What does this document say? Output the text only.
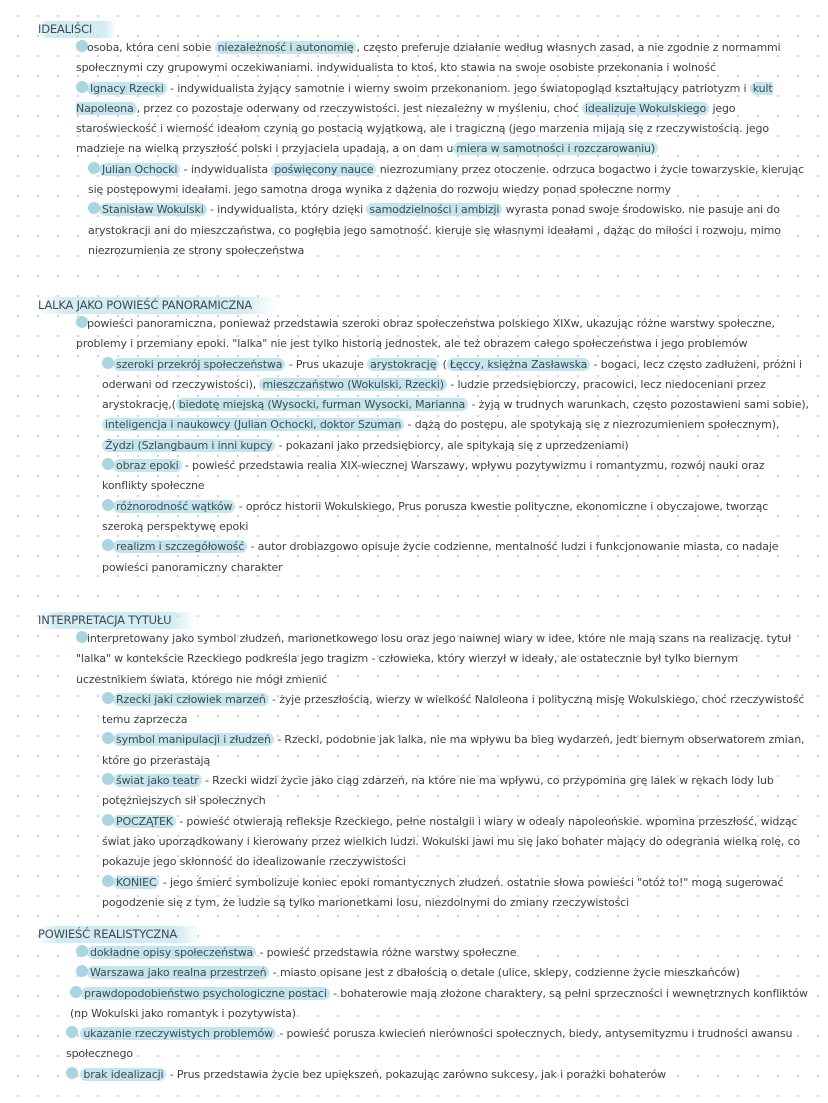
IDEALIŚCI

osoba, która ceni sobie niezależność i autonomię , często preferuje działanie według własnych zasad, a nie zgodnie z normammi społecznymi czy grupowymi oczekiwaniami. indywidualista to ktoś, kto stawia na swoje osobiste przekonania i wolność

Ignacy Rzecki - indywidualista żyjący samotnie i wierny swoim przekonaniom. jego światopogląd kształtujący patriotyzm i kult Napoleona , przez co pozostaje oderwany od rzeczywistości. jest niezależny w myśleniu, choć idealizuje Wokulskiego jego staroświeckość i wierność ideałom czynią go postacią wyjątkową, ale i tragiczną (jego marzenia mijają się z rzeczywistością. jego madzieje na wielką przyszłość polski i przyjaciela upadają, a on dam u miera w samotności i rozczarowaniu)

Julian Ochocki - indywidualista poświęcony nauce niezrozumiany przez otoczenie. odrzuca bogactwo i życie towarzyskie, kierując się postępowymi ideałami. jego samotna droga wynika z dążenia do rozwoju wiedzy ponad społeczne normy

Stanisław Wokulski - indywidualista, który dzięki samodzielności i ambizji wyrasta ponad swoje środowisko. nie pasuje ani do arystokracji ani do mieszczaństwa, co pogłębia jego samotność. kieruje się własnymi ideałami , dążąc do miłości i rozwoju, mimo niezrozumienia ze strony społeczeństwa

LALKA JAKO POWIEŚĆ PANORAMICZNA

powieści panoramiczna, ponieważ przedstawia szeroki obraz społeczeństwa polskiego XIXw, ukazując różne warstwy społeczne, problemy i przemiany epoki. "lalka" nie jest tylko historią jednostek, ale też obrazem całego społeczeństwa i jego problemów

szeroki przekrój społeczeństwa - Prus ukazuje arystokrację ( Łęccy, księżna Zasławska - bogaci, lecz często zadłużeni, próżni i oderwani od rzeczywistości), mieszczaństwo (Wokulski, Rzecki) - ludzie przedsiębiorczy, pracowici, lecz niedoceniani przez arystokrację,( biedotę miejską (Wysocki, furman Wysocki, Marianna - żyją w trudnych warunkach, często pozostawieni sami sobie), inteligencja i naukowcy (Julian Ochocki, doktor Szuman - dążą do postępu, ale spotykają się z niezrozumieniem społecznym), Żydzi (Szlangbaum i inni kupcy - pokazani jako przedsiębiorcy, ale spitykają się z uprzedzeniami)

obraz epoki - powieść przedstawia realia XIX-wiecznej Warszawy, wpływu pozytywizmu i romantyzmu, rozwój nauki oraz konflikty społeczne

różnorodność wątków - oprócz historii Wokulskiego, Prus porusza kwestie polityczne, ekonomiczne i obyczajowe, tworząc szeroką perspektywę epoki

realizm i szczegółowość - autor drobiazgowo opisuje życie codzienne, mentalność ludzi i funkcjonowanie miasta, co nadaje powieści panoramiczny charakter

INTERPRETACJA TYTUŁU

interpretowany jako symbol złudzeń, marionetkowego losu oraz jego naiwnej wiary w idee, które nie mają szans na realizację. tytuł "lalka" w kontekście Rzeckiego podkreśla jego tragizm - człowieka, który wierzył w ideały, ale ostatecznie był tylko biernym uczestnikiem świata, którego nie mógł zmienić

Rzecki jaki człowiek marzeń - żyje przeszłością, wierzy w wielkość Naloleona i polityczną misję Wokulskiego, choć rzeczywistość temu zaprzecza

symbol manipulacji i złudzeń - Rzecki, podobnie jak lalka, nie ma wpływu ba bieg wydarzeń, jedt biernym obserwatorem zmian, które go przerastają

świat jako teatr - Rzecki widzi życie jako ciąg zdarzeń, na które nie ma wpływu, co przypomina grę lalek w rękach lody lub potężniejszych sił społecznych

POCZĄTEK - powieść otwierają refleksje Rzeckiego, pełne nostalgii i wiary w odealy napoleońskie. wpomina przeszłość, widząc świat jako uporządkowany i kierowany przez wielkich ludzi. Wokulski jawi mu się jako bohater mający do odegrania wielką rolę, co pokazuje jego skłonność do idealizowanie rzeczywistości

KONIEC - jego śmierć symbolizuje koniec epoki romantycznych złudzeń. ostatnie słowa powieści "otóż to!" mogą sugerować pogodzenie się z tym, że ludzie są tylko marionetkami losu, niezdolnymi do zmiany rzeczywistości

POWIEŚĆ REALISTYCZNA

dokładne opisy społeczeństwa - powieść przedstawia różne warstwy społeczne

Warszawa jako realna przestrzeń - miasto opisane jest z dbałością o detale (ulice, sklepy, codzienne życie mieszkańców)

prawdopodobieństwo psychologiczne postaci - bohaterowie mają złożone charaktery, są pełni sprzeczności i wewnętrznych konfliktów (np Wokulski jako romantyk i pozytywista)

ukazanie rzeczywistych problemów - powieść porusza kwiecień nierówności społecznych, biedy, antysemityzmu i trudności awansu społecznego

brak idealizacji - Prus przedstawia życie bez upiększeń, pokazując zarówno sukcesy, jak i porażki bohaterów
